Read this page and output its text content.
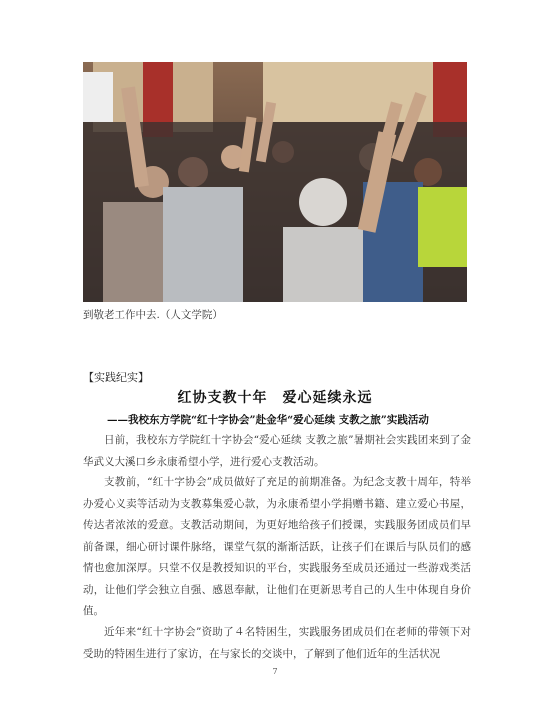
到敬老工作中去.（人文学院）
【实践纪实】
红协支教十年　爱心延续永远
——我校东方学院“红十字协会”赴金华“爱心延续 支教之旅”实践活动

日前，我校东方学院红十字协会“爱心延续 支教之旅”暑期社会实践团来到了金华武义大溪口乡永康希望小学，进行爱心支教活动。

支教前，“红十字协会”成员做好了充足的前期准备。为纪念支教十周年，特举办爱心义卖等活动为支教募集爱心款，为永康希望小学捐赠书籍、建立爱心书屋，传达者浓浓的爱意。支教活动期间，为更好地给孩子们授课，实践服务团成员们早前备课，细心研讨课件脉络，课堂气氛的渐渐活跃，让孩子们在课后与队员们的感情也愈加深厚。只堂不仅是教授知识的平台，实践服务至成员还通过一些游戏类活动，让他们学会独立自强、感恩奉献，让他们在更新思考自己的人生中体现自身价值。

近年来“红十字协会”资助了４名特困生，实践服务团成员们在老师的带领下对受助的特困生进行了家访，在与家长的交谈中，了解到了他们近年的生活状况

7
